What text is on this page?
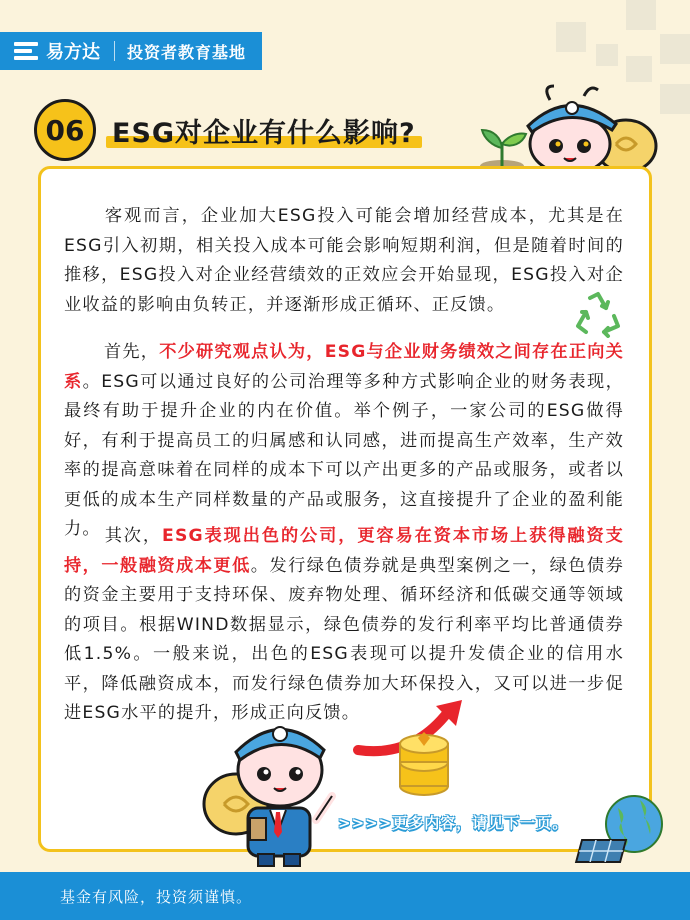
易方达 投资者教育基地
06	ESG对企业有什么影响?

客观而言，企业加大ESG投入可能会增加经营成本，尤其是在ESG引入初期，相关投入成本可能会影响短期利润，但是随着时间的推移，ESG投入对企业经营绩效的正效应会开始显现，ESG投入对企业收益的影响由负转正，并逐渐形成正循环、正反馈。

首先，不少研究观点认为，ESG与企业财务绩效之间存在正向关系。ESG可以通过良好的公司治理等多种方式影响企业的财务表现，最终有助于提升企业的内在价值。举个例子，一家公司的ESG做得好，有利于提高员工的归属感和认同感，进而提高生产效率，生产效率的提高意味着在同样的成本下可以产出更多的产品或服务，或者以更低的成本生产同样数量的产品或服务，这直接提升了企业的盈利能力。 其次，ESG表现出色的公司，更容易在资本市场上获得融资支持，一般融资成本更低。发行绿色债券就是典型案例之一，绿色债券的资金主要用于支持环保、废弃物处理、循环经济和低碳交通等领域的项目。根据WIND数据显示，绿色债券的发行利率平均比普通债券低1.5%。一般来说，出色的ESG表现可以提升发债企业的信用水平，降低融资成本，而发行绿色债券加大环保投入，又可以进一步促进ESG水平的提升，形成正向反馈。

>>>>更多内容，请见下一页。
基金有风险，投资须谨慎。
